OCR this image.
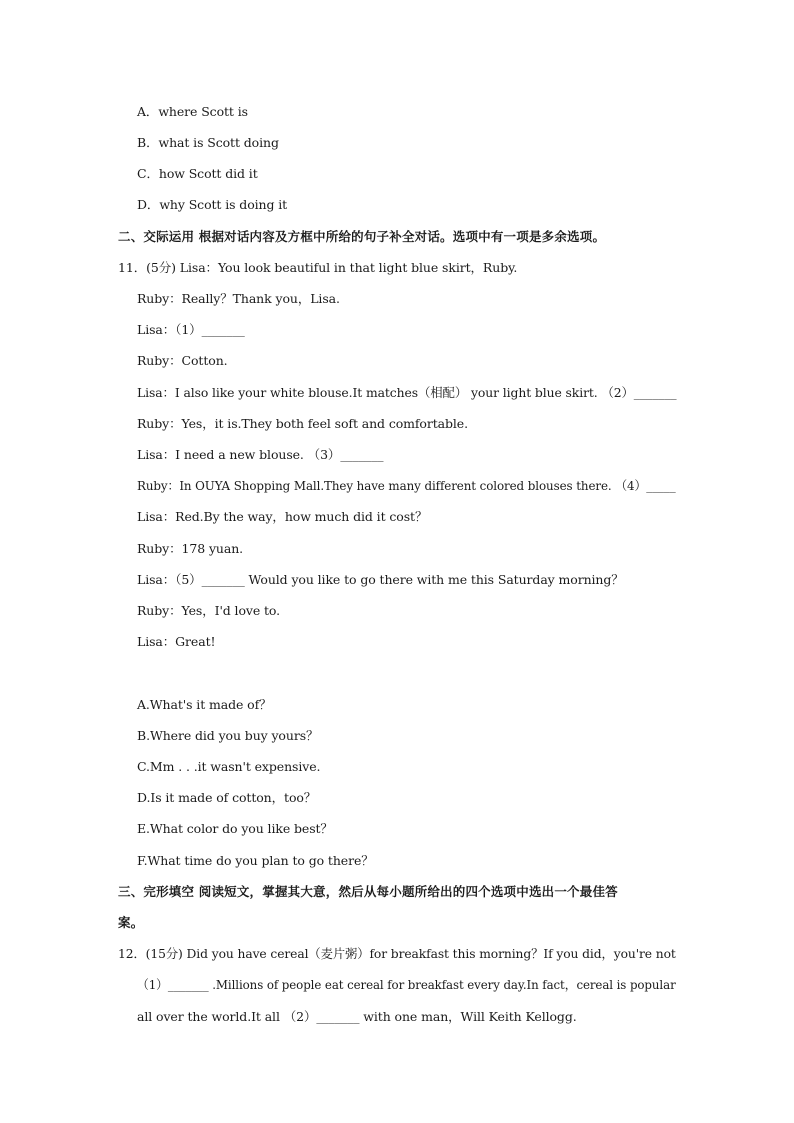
A．where Scott is
B．what is Scott doing
C．how Scott did it
D．why Scott is doing it
二、交际运用 根据对话内容及方框中所给的句子补全对话。选项中有一项是多余选项。
11．(5分) Lisa：You look beautiful in that light blue skirt，Ruby.
Ruby：Really？Thank you，Lisa.
Lisa：（1）_______
Ruby：Cotton.
Lisa：I also like your white blouse.It matches（相配） your light blue skirt. （2）_______
Ruby：Yes，it is.They both feel soft and comfortable.
Lisa：I need a new blouse. （3）_______
Ruby：In OUYA Shopping Mall.They have many different colored blouses there. （4）_____
Lisa：Red.By the way，how much did it cost？
Ruby：178 yuan.
Lisa：（5）_______ Would you like to go there with me this Saturday morning？
Ruby：Yes，I'd love to.
Lisa：Great!
A.What's it made of？
B.Where did you buy yours？
C.Mm . . .it wasn't expensive.
D.Is it made of cotton，too？
E.What color do you like best？
F.What time do you plan to go there？
三、完形填空 阅读短文，掌握其大意，然后从每小题所给出的四个选项中选出一个最佳答
案。
12．(15分) Did you have cereal（麦片粥）for breakfast this morning？If you did，you're not
（1）_______ .Millions of people eat cereal for breakfast every day.In fact，cereal is popular
all over the world.It all （2）_______ with one man，Will Keith Kellogg.
